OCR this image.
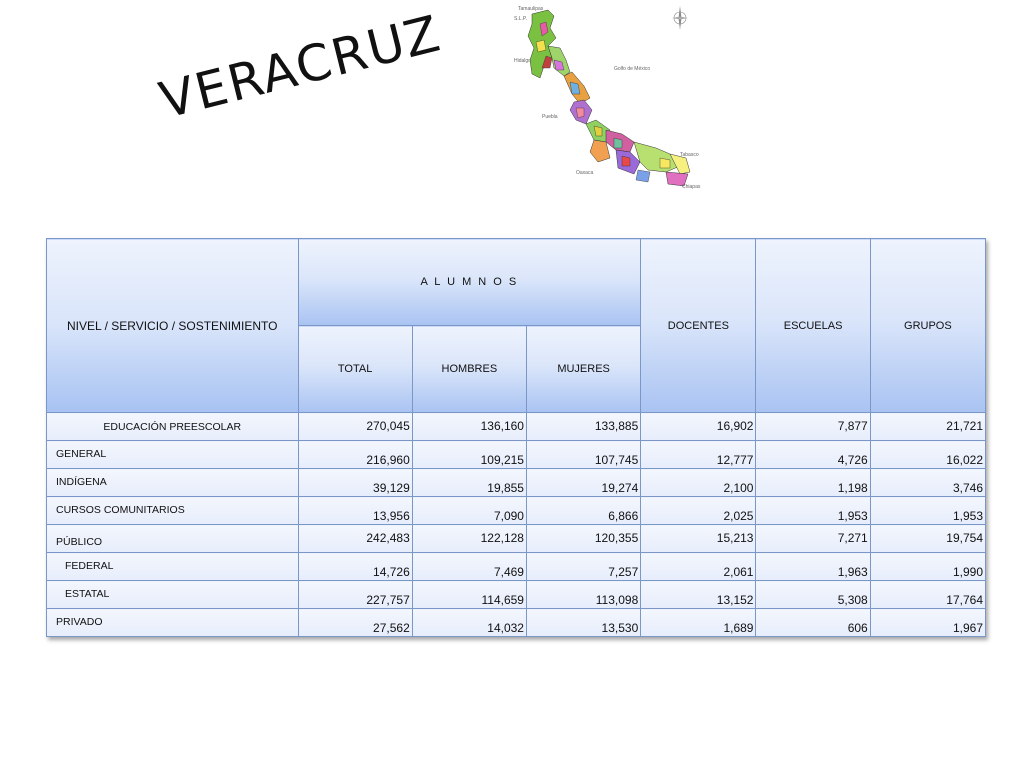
VERACRUZ	Tamaulipas
S.L.P.
Hidalgo
Golfo de México
Puebla
Tabasco
Oaxaca
Chiapas
NIVEL / SERVICIO / SOSTENIMIENTO	A L U M N O S			DOCENTES	ESCUELAS	GRUPOS
	TOTAL	HOMBRES	MUJERES			
EDUCACIÓN PREESCOLAR	270,045	136,160	133,885	16,902	7,877	21,721
GENERAL	216,960	109,215	107,745	12,777	4,726	16,022
INDÍGENA	39,129	19,855	19,274	2,100	1,198	3,746
CURSOS COMUNITARIOS	13,956	7,090	6,866	2,025	1,953	1,953
PÚBLICO	242,483	122,128	120,355	15,213	7,271	19,754
FEDERAL	14,726	7,469	7,257	2,061	1,963	1,990
ESTATAL	227,757	114,659	113,098	13,152	5,308	17,764
PRIVADO	27,562	14,032	13,530	1,689	606	1,967
